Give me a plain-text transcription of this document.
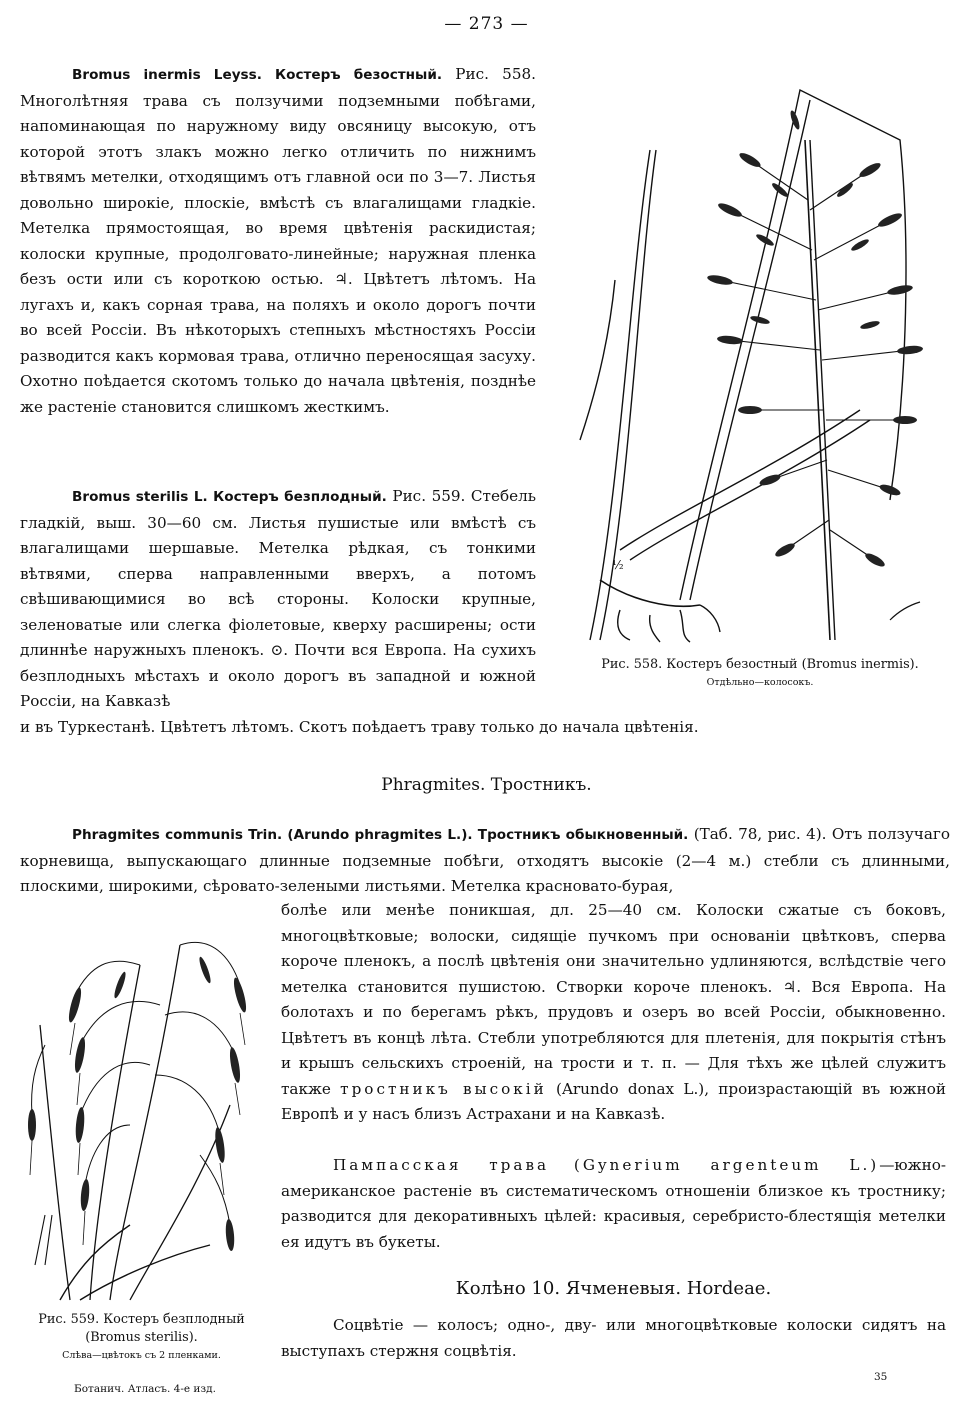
— 273 —

Bromus inermis Leyss. Костеръ безостный. Рис. 558. Многолѣтняя трава съ ползучими подземными побѣгами, напоминающая по наружному виду овсяницу высокую, отъ которой этотъ злакъ можно легко отличить по нижнимъ вѣтвямъ метелки, отходящимъ отъ главной оси по 3—7. Листья довольно широкіе, плоскіе, вмѣстѣ съ влагалищами гладкіе. Метелка прямостоящая, во время цвѣтенія раскидистая; колоски крупные, продолговато-линейные; наружная пленка безъ ости или съ короткою остью. ♃. Цвѣтетъ лѣтомъ. На лугахъ и, какъ сорная трава, на поляхъ и около дорогъ почти во всей Россіи. Въ нѣкоторыхъ степныхъ мѣстностяхъ Россіи разводится какъ кормовая трава, отлично переносящая засуху. Охотно поѣдается скотомъ только до начала цвѣтенія, позднѣе же растеніе становится слишкомъ жесткимъ.

Bromus sterilis L. Костеръ безплодный. Рис. 559. Стебель гладкій, выш. 30—60 см. Листья пушистые или вмѣстѣ съ влагалищами шершавые. Метелка рѣдкая, съ тонкими вѣтвями, сперва направленными вверхъ, а потомъ свѣшивающимися во всѣ стороны. Колоски крупные, зеленоватые или слегка фіолетовые, кверху расширены; ости длиннѣе наружныхъ пленокъ. ⊙. Почти вся Европа. На сухихъ безплодныхъ мѣстахъ и около дорогъ въ западной и южной Россіи, на Кавказѣ

и въ Туркестанѣ. Цвѣтетъ лѣтомъ. Скотъ поѣдаетъ траву только до начала цвѣтенія.

½
Рис. 558. Костеръ безостный (Bromus inermis).
Отдѣльно—колосокъ.
Phragmites. Тростникъ.

Phragmites communis Trin. (Arundo phragmites L.). Тростникъ обыкновенный. (Таб. 78, рис. 4). Отъ ползучаго корневища, выпускающаго длинные подземные побѣги, отходятъ высокіе (2—4 м.) стебли съ длинными, плоскими, широкими, сѣровато-зелеными листьями. Метелка красновато-бурая,

болѣе или менѣе поникшая, дл. 25—40 см. Колоски сжатые съ боковъ, многоцвѣтковые; волоски, сидящіе пучкомъ при основаніи цвѣтковъ, сперва короче пленокъ, а послѣ цвѣтенія они значительно удлиняются, вслѣдствіе чего метелка становится пушистою. Створки короче пленокъ. ♃. Вся Европа. На болотахъ и по берегамъ рѣкъ, прудовъ и озеръ во всей Россіи, обыкновенно. Цвѣтетъ въ концѣ лѣта. Стебли употребляются для плетенія, для покрытія стѣнъ и крышъ сельскихъ строеній, на трости и т. п. — Для тѣхъ же цѣлей служитъ также тростникъ высокій (Arundo donax L.), произрастающій въ южной Европѣ и у насъ близъ Астрахани и на Кавказѣ.

Пампасская трава (Gynerium argenteum L.)—южно-американское растеніе въ систематическомъ отношеніи близкое къ тростнику; разводится для декоративныхъ цѣлей: красивыя, серебристо-блестящія метелки ея идутъ въ букеты.

Рис. 559. Костеръ безплодный (Bromus sterilis).
Слѣва—цвѣтокъ съ 2 пленками.
Колѣно 10. Ячменевыя. Hordeae.

Соцвѣтіе — колосъ; одно-, дву- или многоцвѣтковые колоски сидятъ на выступахъ стержня соцвѣтія.

Ботанич. Атласъ. 4-е изд.
35
